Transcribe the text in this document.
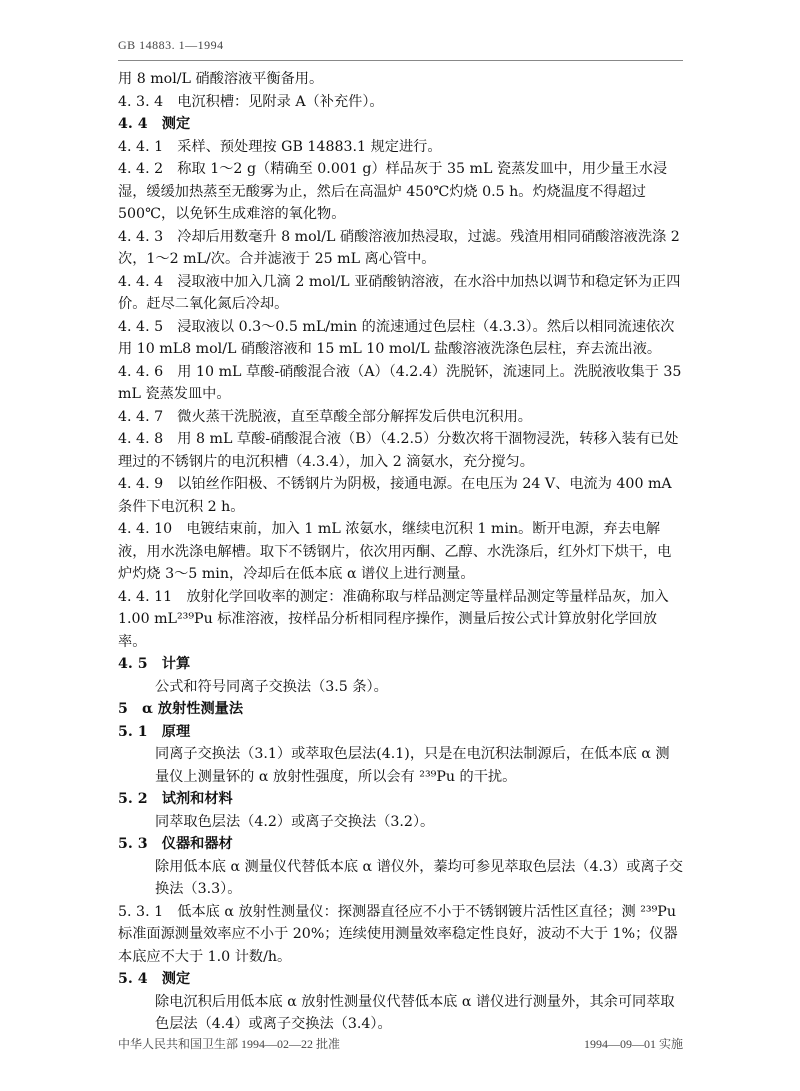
GB 14883. 1—1994

用 8 mol/L 硝酸溶液平衡备用。

4. 3. 4　电沉积槽：见附录 A（补充件）。

4. 4　测定

4. 4. 1　采样、预处理按 GB 14883.1 规定进行。

4. 4. 2　称取 1～2 g（精确至 0.001 g）样品灰于 35 mL 瓷蒸发皿中，用少量王水浸湿，缓缓加热蒸至无酸雾为止，然后在高温炉 450℃灼烧 0.5 h。灼烧温度不得超过 500℃，以免钚生成难溶的氧化物。

4. 4. 3　冷却后用数毫升 8 mol/L 硝酸溶液加热浸取，过滤。残渣用相同硝酸溶液洗涤 2 次，1～2 mL/次。合并滤液于 25 mL 离心管中。

4. 4. 4　浸取液中加入几滴 2 mol/L 亚硝酸钠溶液，在水浴中加热以调节和稳定钚为正四价。赶尽二氧化氮后冷却。

4. 4. 5　浸取液以 0.3～0.5 mL/min 的流速通过色层柱（4.3.3）。然后以相同流速依次用 10 mL8 mol/L 硝酸溶液和 15 mL 10 mol/L 盐酸溶液洗涤色层柱，弃去流出液。

4. 4. 6　用 10 mL 草酸-硝酸混合液（A）（4.2.4）洗脱钚，流速同上。洗脱液收集于 35 mL 瓷蒸发皿中。

4. 4. 7　微火蒸干洗脱液，直至草酸全部分解挥发后供电沉积用。

4. 4. 8　用 8 mL 草酸-硝酸混合液（B）（4.2.5）分数次将干涸物浸洗，转移入装有已处理过的不锈钢片的电沉积槽（4.3.4），加入 2 滴氨水，充分搅匀。

4. 4. 9　以铂丝作阳极、不锈钢片为阴极，接通电源。在电压为 24 V、电流为 400 mA 条件下电沉积 2 h。

4. 4. 10　电镀结束前，加入 1 mL 浓氨水，继续电沉积 1 min。断开电源，弃去电解液，用水洗涤电解槽。取下不锈钢片，依次用丙酮、乙醇、水洗涤后，红外灯下烘干，电炉灼烧 3～5 min，冷却后在低本底 α 谱仪上进行测量。

4. 4. 11　放射化学回收率的测定：准确称取与样品测定等量样品测定等量样品灰，加入 1.00 mL²³⁹Pu 标准溶液，按样品分析相同程序操作，测量后按公式计算放射化学回放率。

4. 5　计算

公式和符号同离子交换法（3.5 条）。

5　α 放射性测量法

5. 1　原理

同离子交换法（3.1）或萃取色层法(4.1)，只是在电沉积法制源后，在低本底 α 测量仪上测量钚的 α 放射性强度，所以会有 ²³⁹Pu 的干扰。

5. 2　试剂和材料

同萃取色层法（4.2）或离子交换法（3.2）。

5. 3　仪器和器材

除用低本底 α 测量仪代替低本底 α 谱仪外，蓁均可参见萃取色层法（4.3）或离子交换法（3.3）。

5. 3. 1　低本底 α 放射性测量仪：探测器直径应不小于不锈钢镀片活性区直径；测 ²³⁹Pu 标准面源测量效率应不小于 20%；连续使用测量效率稳定性良好，波动不大于 1%；仪器本底应不大于 1.0 计数/h。

5. 4　测定

除电沉积后用低本底 α 放射性测量仪代替低本底 α 谱仪进行测量外，其余可同萃取色层法（4.4）或离子交换法（3.4）。

中华人民共和国卫生部 1994—02—22 批准	1994—09—01 实施
